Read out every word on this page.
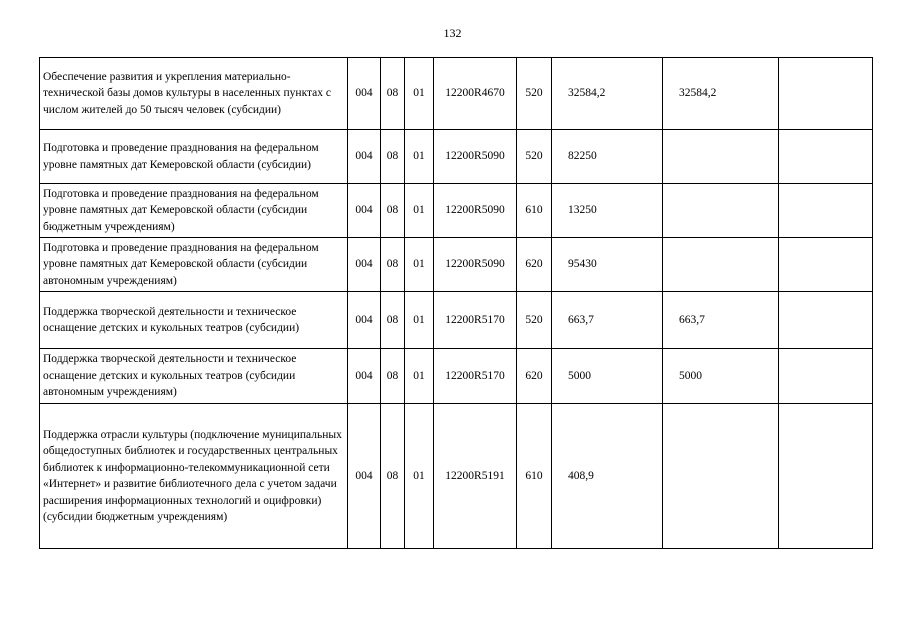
132
Обеспечение развития и укрепления материально-технической базы домов культуры в населенных пунктах с числом жителей до 50 тысяч человек (субсидии)	004	08	01	12200R4670	520	32584,2	32584,2	
Подготовка и проведение празднования на федеральном уровне памятных дат Кемеровской области (субсидии)	004	08	01	12200R5090	520	82250		
Подготовка и проведение празднования на федеральном уровне памятных дат Кемеровской области (субсидии бюджетным учреждениям)	004	08	01	12200R5090	610	13250		
Подготовка и проведение празднования на федеральном уровне памятных дат Кемеровской области (субсидии автономным учреждениям)	004	08	01	12200R5090	620	95430		
Поддержка творческой деятельности и техническое оснащение детских и кукольных театров (субсидии)	004	08	01	12200R5170	520	663,7	663,7	
Поддержка творческой деятельности и техническое оснащение детских и кукольных театров (субсидии автономным учреждениям)	004	08	01	12200R5170	620	5000	5000	
Поддержка отрасли культуры (подключение муниципальных общедоступных библиотек и государственных центральных библиотек к информационно-телекоммуникационной сети «Интернет» и развитие библиотечного дела с учетом задачи расширения информационных технологий и оцифровки) (субсидии бюджетным учреждениям)	004	08	01	12200R5191	610	408,9		
